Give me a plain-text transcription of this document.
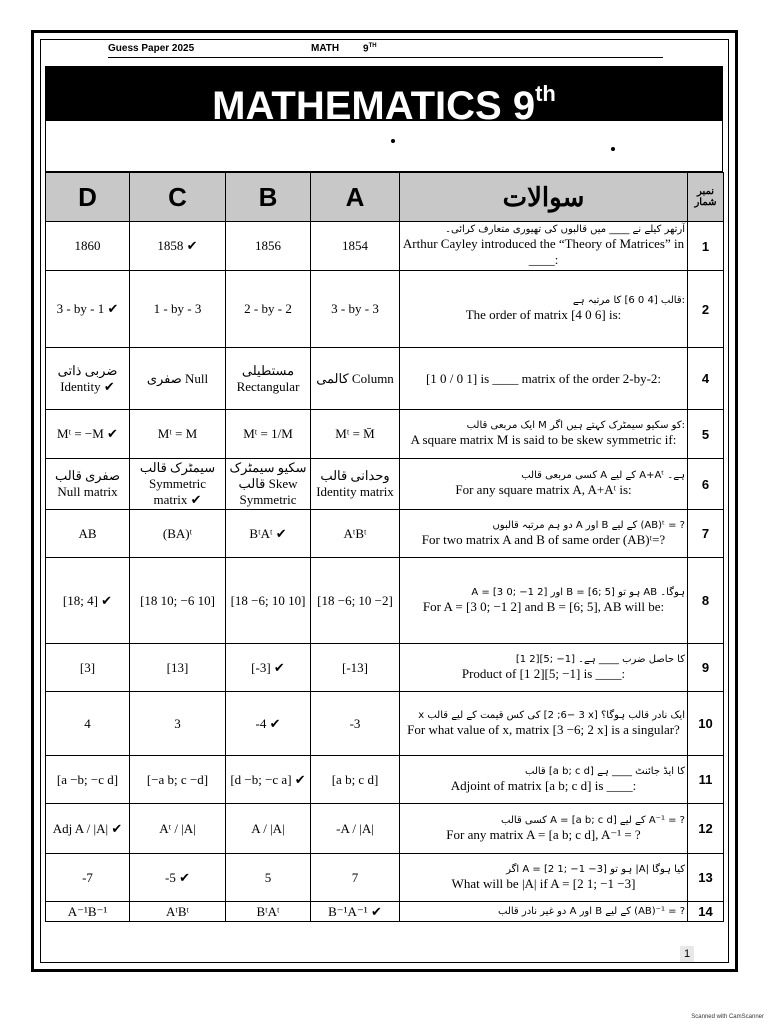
Guess Paper 2025	MATH 9TH
MATHEMATICS 9th
D	C	B	A	سوالات	نمبر شمار
1860	1858 ✔	1856	1854	آرتھر کیلے نے ____ میں قالبوں کی تھیوری متعارف کرائی۔
Arthur Cayley introduced the “Theory of Matrices” in ____:	1
3 - by - 1 ✔	1 - by - 3	2 - by - 2	3 - by - 3	قالب [4 0 6] کا مرتبہ ہے:
The order of matrix [4 0 6] is:	2
ضربی ذاتی Identity ✔	صفری Null	مستطیلی Rectangular	کالمی Column	[1 0 / 0 1] is ____ matrix of the order 2-by-2:	4
Mᵗ = −M ✔	Mᵗ = M	Mᵗ = 1/M	Mᵗ = M̄	ایک مربعی قالب M کو سکیو سیمٹرک کہتے ہیں اگر:
A square matrix M is said to be skew symmetric if:	5
صفری قالب Null matrix	سیمٹرک قالب Symmetric matrix ✔	سکیو سیمٹرک قالب Skew Symmetric	وحدانی قالب Identity matrix	کسی مربعی قالب A کے لیے A+Aᵗ ہے۔
For any square matrix A, A+Aᵗ is:	6
AB	(BA)ᵗ	BᵗAᵗ ✔	AᵗBᵗ	دو ہم مرتبہ قالبوں A اور B کے لیے (AB)ᵗ = ?
For two matrix A and B of same order (AB)ᵗ=?	7
[18; 4] ✔	[18 10; −6 10]	[18 −6; 10 10]	[18 −6; 10 −2]	A = [3 0; −1 2] اور B = [6; 5] ہو تو AB ہوگا۔
For A = [3 0; −1 2] and B = [6; 5], AB will be:	8
[3]	[13]	[-3] ✔	[-13]	[1 2][5; −1] کا حاصل ضرب ____ ہے۔
Product of [1 2][5; −1] is ____:	9
4	3	-4 ✔	-3	x کی کس قیمت کے لیے قالب [3 −6; 2 x] ایک نادر قالب ہوگا؟
For what value of x, matrix [3 −6; 2 x] is a singular?	10
[a −b; −c d]	[−a b; c −d]	[d −b; −c a] ✔	[a b; c d]	قالب [a b; c d] کا ایڈ جائنٹ ____ ہے
Adjoint of matrix [a b; c d] is ____:	11
Adj A / |A| ✔	Aᵗ / |A|	A / |A|	-A / |A|	کسی قالب A = [a b; c d] کے لیے A⁻¹ = ?
For any matrix A = [a b; c d], A⁻¹ = ?	12
-7	-5 ✔	5	7	اگر A = [2 1; −1 −3] ہو تو |A| کیا ہوگا
What will be |A| if A = [2 1; −1 −3]	13
A⁻¹B⁻¹	AᵗBᵗ	BᵗAᵗ	B⁻¹A⁻¹ ✔	دو غیر نادر قالب A اور B کے لیے (AB)⁻¹ = ?	14
1
Scanned with CamScanner
